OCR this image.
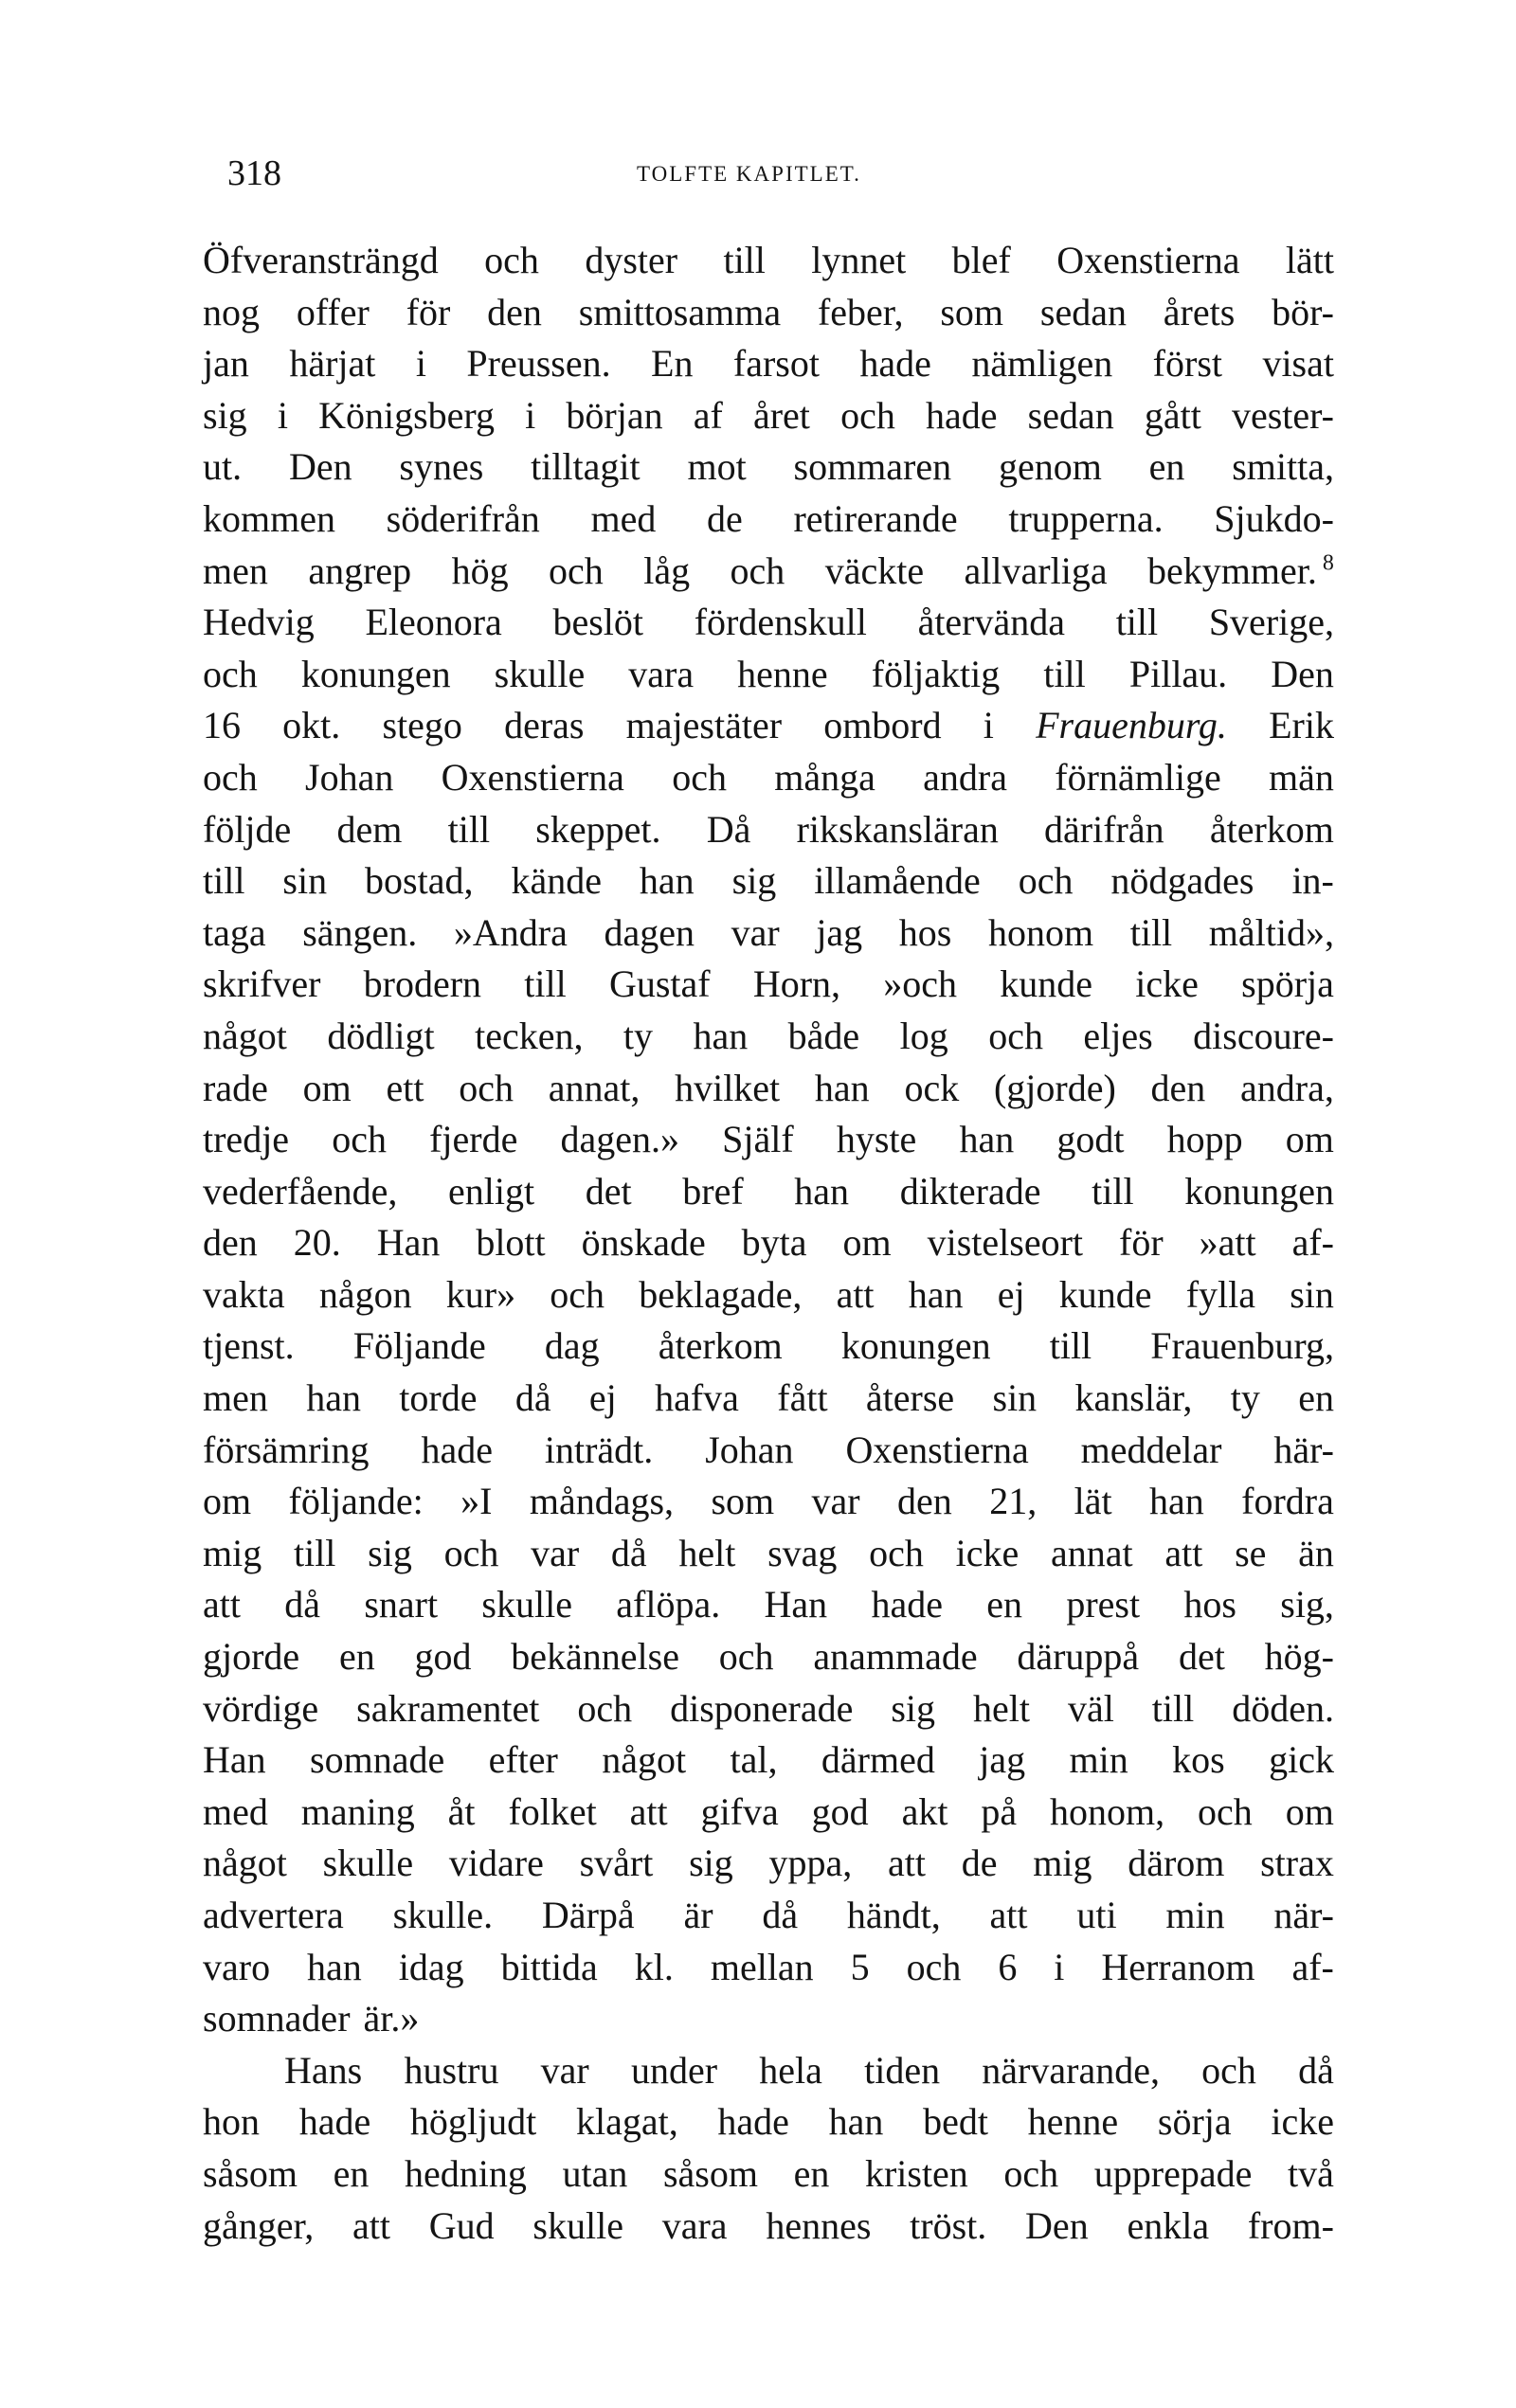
318	TOLFTE KAPITLET.
Öfveransträngd och dyster till lynnet blef Oxenstierna lätt
nog offer för den smittosamma feber, som sedan årets bör-
jan härjat i Preussen. En farsot hade nämligen först visat
sig i Königsberg i början af året och hade sedan gått vester-
ut. Den synes tilltagit mot sommaren genom en smitta,
kommen söderifrån med de retirerande trupperna. Sjukdo-
men angrep hög och låg och väckte allvarliga bekymmer. $^8$
Hedvig Eleonora beslöt fördenskull återvända till Sverige,
och konungen skulle vara henne följaktig till Pillau. Den
16 okt. stego deras majestäter ombord i Frauenburg. Erik
och Johan Oxenstierna och många andra förnämlige män
följde dem till skeppet. Då rikskansläran därifrån återkom
till sin bostad, kände han sig illamående och nödgades in-
taga sängen. »Andra dagen var jag hos honom till måltid»,
skrifver brodern till Gustaf Horn, »och kunde icke spörja
något dödligt tecken, ty han både log och eljes discoure-
rade om ett och annat, hvilket han ock (gjorde) den andra,
tredje och fjerde dagen.» Själf hyste han godt hopp om
vederfående, enligt det bref han dikterade till konungen
den 20. Han blott önskade byta om vistelseort för »att af-
vakta någon kur» och beklagade, att han ej kunde fylla sin
tjenst. Följande dag återkom konungen till Frauenburg,
men han torde då ej hafva fått återse sin kanslär, ty en
försämring hade inträdt. Johan Oxenstierna meddelar här-
om följande: »I måndags, som var den 21, lät han fordra
mig till sig och var då helt svag och icke annat att se än
att då snart skulle aflöpa. Han hade en prest hos sig,
gjorde en god bekännelse och anammade däruppå det hög-
vördige sakramentet och disponerade sig helt väl till döden.
Han somnade efter något tal, därmed jag min kos gick
med maning åt folket att gifva god akt på honom, och om
något skulle vidare svårt sig yppa, att de mig därom strax
advertera skulle. Därpå är då händt, att uti min när-
varo han idag bittida kl. mellan 5 och 6 i Herranom af-
somnader är.»
Hans hustru var under hela tiden närvarande, och då
hon hade högljudt klagat, hade han bedt henne sörja icke
såsom en hedning utan såsom en kristen och upprepade två
gånger, att Gud skulle vara hennes tröst. Den enkla from-
